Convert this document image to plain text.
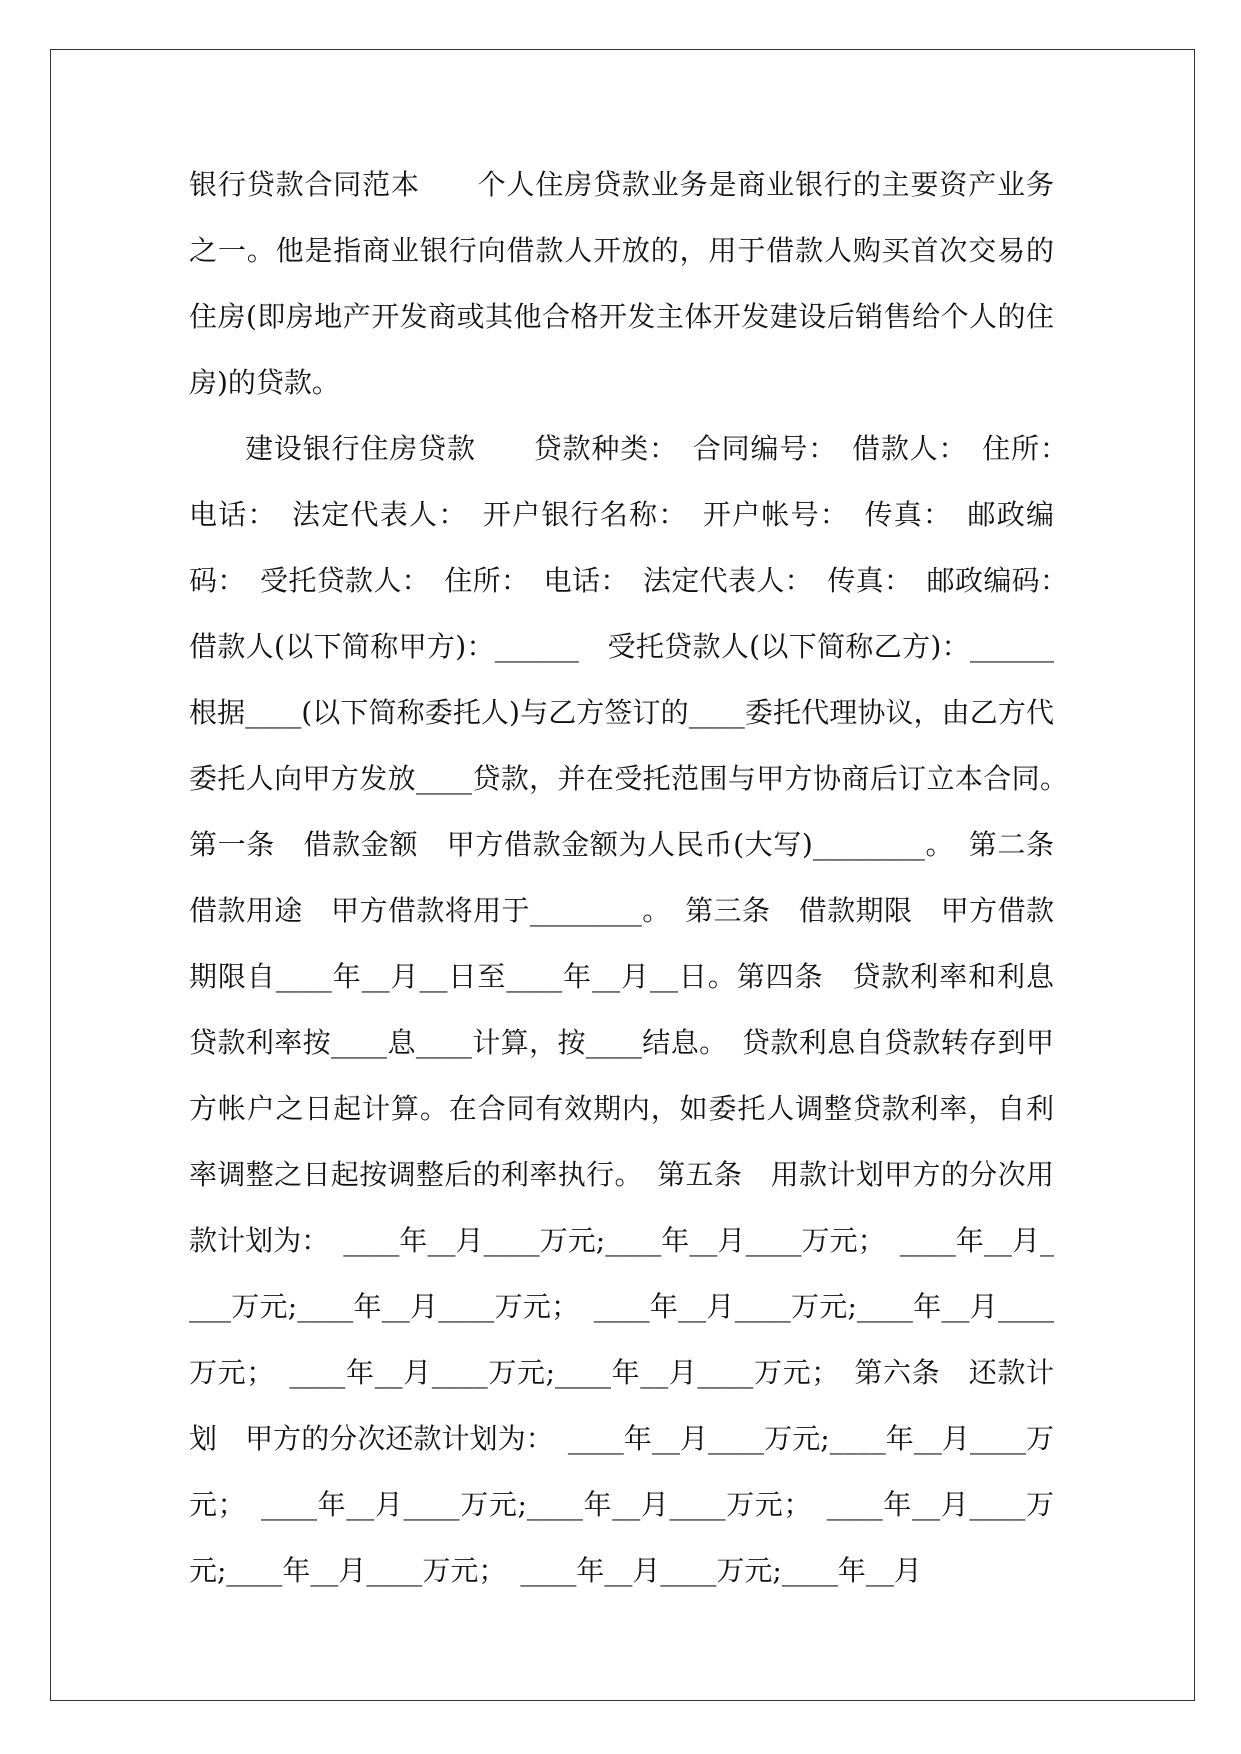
银行贷款合同范本　　个人住房贷款业务是商业银行的主要资产业务之一。他是指商业银行向借款人开放的，用于借款人购买首次交易的住房(即房地产开发商或其他合格开发主体开发建设后销售给个人的住房)的贷款。

建设银行住房贷款　　贷款种类：　合同编号：　借款人：　住所：　电话：　法定代表人：　开户银行名称：　开户帐号：　传真：　邮政编码：　受托贷款人：　住所：　电话：　法定代表人：　传真：　邮政编码：　借款人(以下简称甲方)：______　受托贷款人(以下简称乙方)：______　根据____(以下简称委托人)与乙方签订的____委托代理协议，由乙方代委托人向甲方发放____贷款，并在受托范围与甲方协商后订立本合同。　第一条　借款金额　甲方借款金额为人民币(大写)________。　第二条　借款用途　甲方借款将用于________。　第三条　借款期限　甲方借款期限自____年__月__日至____年__月__日。第四条　贷款利率和利息　贷款利率按____息____计算，按____结息。　贷款利息自贷款转存到甲方帐户之日起计算。在合同有效期内，如委托人调整贷款利率，自利率调整之日起按调整后的利率执行。　第五条　用款计划甲方的分次用款计划为：　____年__月____万元;____年__月____万元；　____年__月____万元;____年__月____万元；　____年__月____万元;____年__月____万元；　____年__月____万元;____年__月____万元；　第六条　还款计划　甲方的分次还款计划为：　____年__月____万元;____年__月____万元；　____年__月____万元;____年__月____万元；　____年__月____万元;____年__月____万元；　____年__月____万元;____年__月
